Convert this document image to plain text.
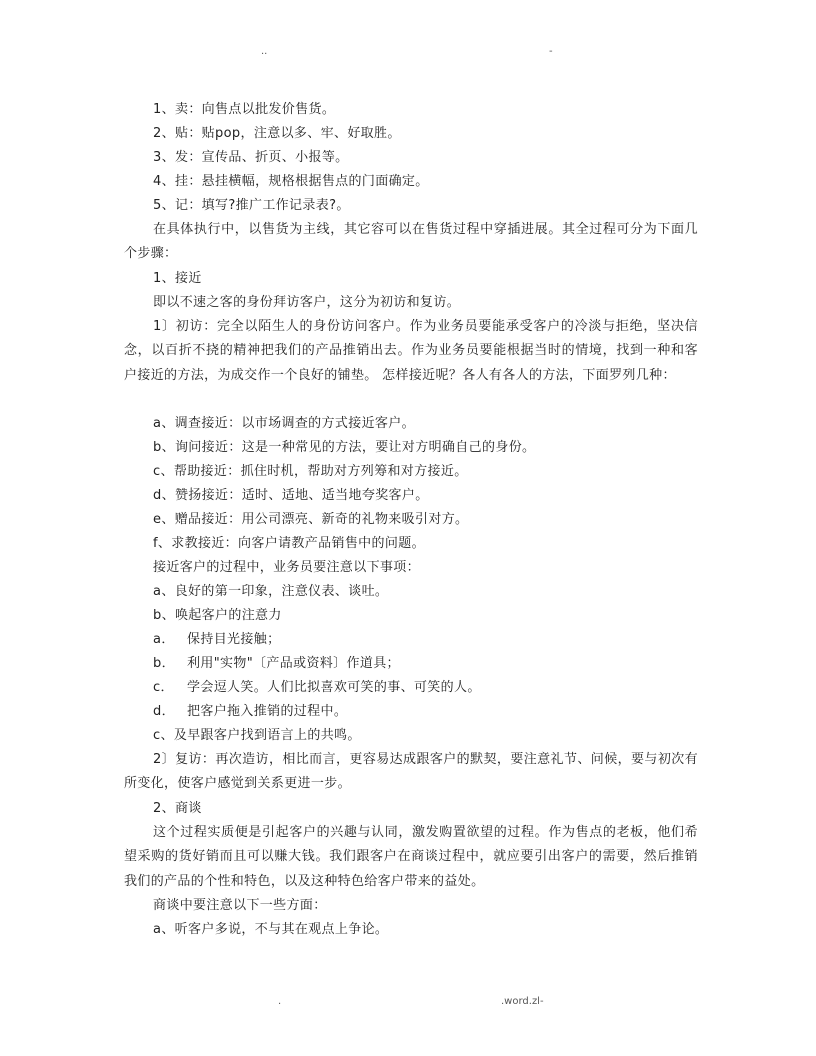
..	-
1、卖：向售点以批发价售货。
2、贴：贴pop，注意以多、牢、好取胜。
3、发：宣传品、折页、小报等。
4、挂：悬挂横幅，规格根据售点的门面确定。
5、记：填写?推广工作记录表?。
在具体执行中，以售货为主线，其它容可以在售货过程中穿插进展。其全过程可分为下面几个步骤：
1、接近
即以不速之客的身份拜访客户，这分为初访和复访。
1〕初访：完全以陌生人的身份访问客户。作为业务员要能承受客户的冷淡与拒绝，坚决信念，以百折不挠的精神把我们的产品推销出去。作为业务员要能根据当时的情境，找到一种和客户接近的方法，为成交作一个良好的铺垫。 怎样接近呢？各人有各人的方法，下面罗列几种：
a、调查接近：以市场调查的方式接近客户。
b、询问接近：这是一种常见的方法，要让对方明确自己的身份。
c、帮助接近：抓住时机，帮助对方列筹和对方接近。
d、赞扬接近：适时、适地、适当地夸奖客户。
e、赠品接近：用公司漂亮、新奇的礼物来吸引对方。
f、求教接近：向客户请教产品销售中的问题。
接近客户的过程中，业务员要注意以下事项：
a、良好的第一印象，注意仪表、谈吐。
b、唤起客户的注意力
a． 保持目光接触；
b． 利用"实物"〔产品或资料〕作道具；
c． 学会逗人笑。人们比拟喜欢可笑的事、可笑的人。
d． 把客户拖入推销的过程中。
c、及早跟客户找到语言上的共鸣。
2〕复访：再次造访，相比而言，更容易达成跟客户的默契，要注意礼节、问候，要与初次有所变化，使客户感觉到关系更进一步。
2、商谈
这个过程实质便是引起客户的兴趣与认同，激发购置欲望的过程。作为售点的老板，他们希望采购的货好销而且可以赚大钱。我们跟客户在商谈过程中，就应要引出客户的需要，然后推销我们的产品的个性和特色，以及这种特色给客户带来的益处。
商谈中要注意以下一些方面：
a、听客户多说，不与其在观点上争论。
.	.word.zl-
